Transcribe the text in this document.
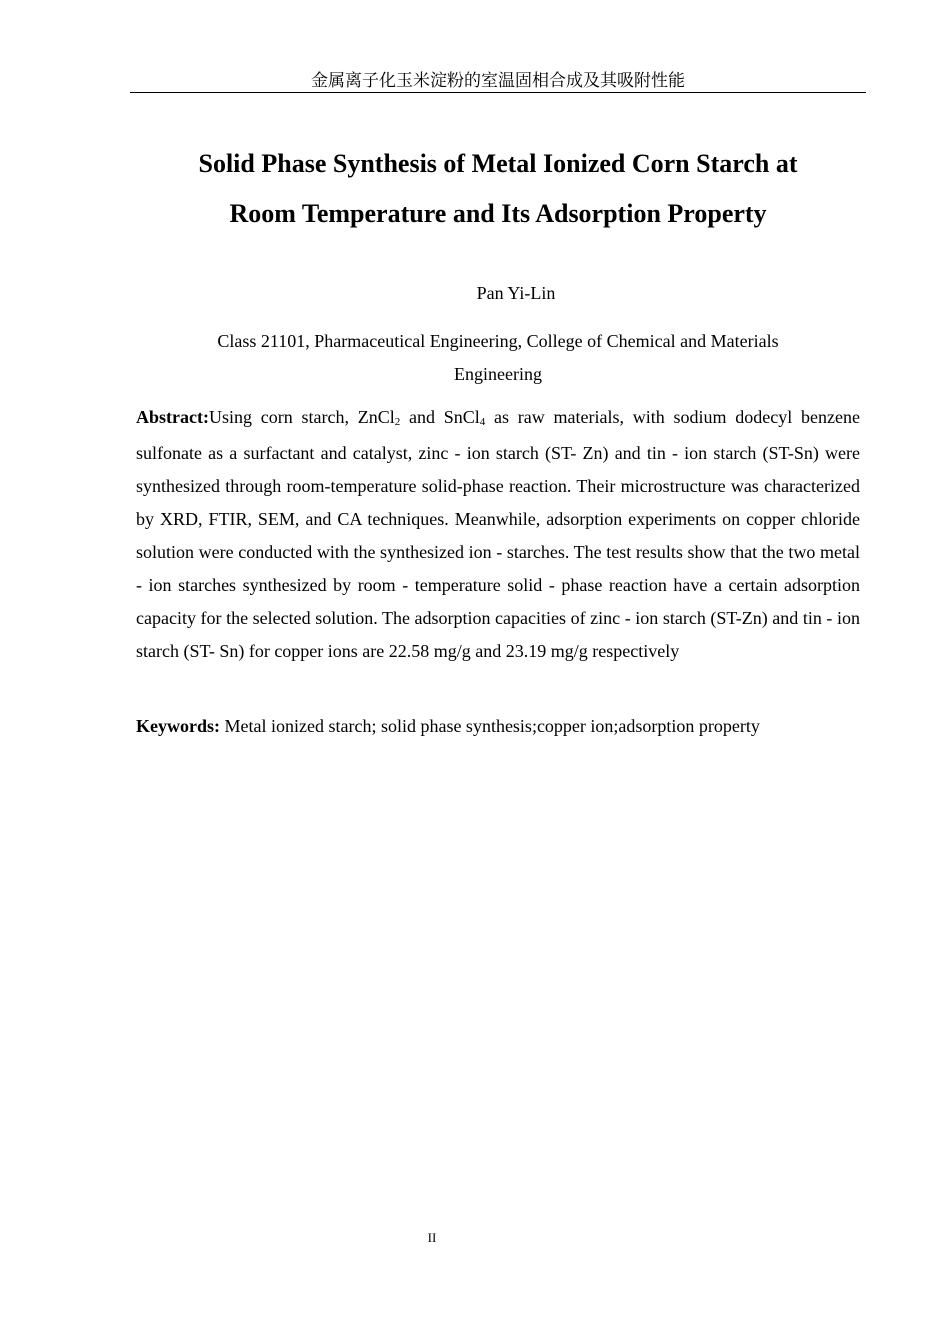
金属离子化玉米淀粉的室温固相合成及其吸附性能
Solid Phase Synthesis of Metal Ionized Corn Starch at
Room Temperature and Its Adsorption Property
Pan Yi-Lin
Class 21101, Pharmaceutical Engineering, College of Chemical and Materials
Engineering

Abstract:Using corn starch, ZnCl$_2$ and SnCl$_4$ as raw materials, with sodium dodecyl benzene sulfonate as a surfactant and catalyst, zinc - ion starch (ST- Zn) and tin - ion starch (ST-Sn) were synthesized through room-temperature solid-phase reaction. Their microstructure was characterized by XRD, FTIR, SEM, and CA techniques. Meanwhile, adsorption experiments on copper chloride solution were conducted with the synthesized ion - starches. The test results show that the two metal - ion starches synthesized by room - temperature solid - phase reaction have a certain adsorption capacity for the selected solution. The adsorption capacities of zinc - ion starch (ST-Zn) and tin - ion starch (ST- Sn) for copper ions are 22.58 mg/g and 23.19 mg/g respectively

Keywords: Metal ionized starch; solid phase synthesis;copper ion;adsorption property

II
